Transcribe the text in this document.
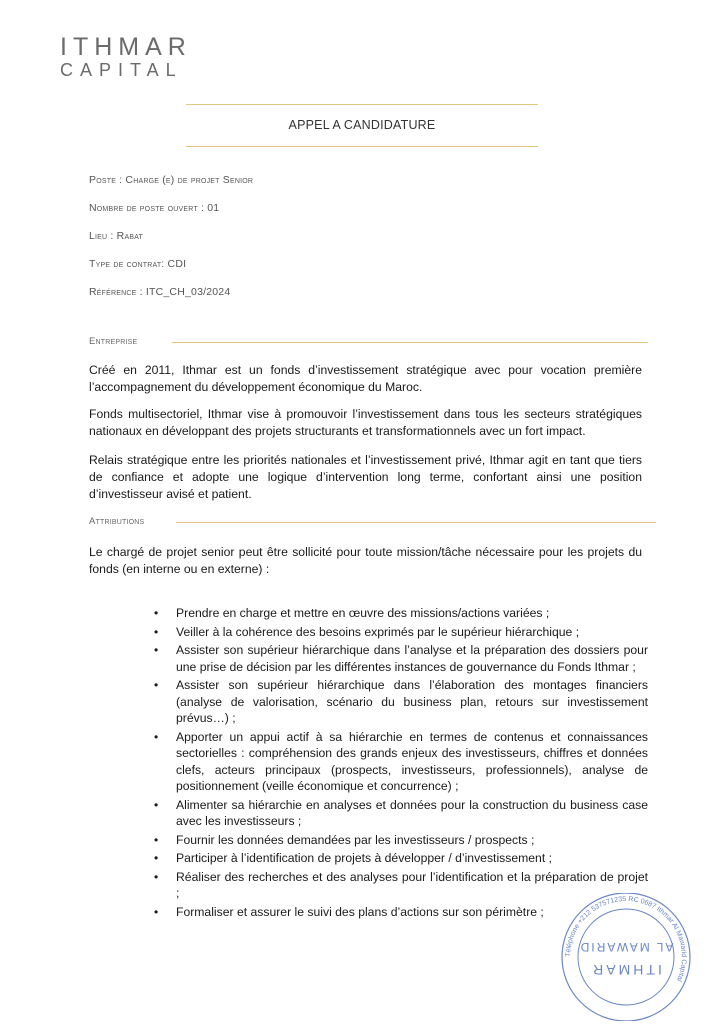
ITHMAR
CAPITAL
APPEL A CANDIDATURE
Poste : Charge (e) de projet Senior
Nombre de poste ouvert : 01
Lieu : Rabat
Type de contrat: CDI
Référence : ITC_CH_03/2024
Entreprise
Créé en 2011, Ithmar est un fonds d’investissement stratégique avec pour vocation première l’accompagnement du développement économique du Maroc.
Fonds multisectoriel, Ithmar vise à promouvoir l’investissement dans tous les secteurs stratégiques nationaux en développant des projets structurants et transformationnels avec un fort impact.
Relais stratégique entre les priorités nationales et l’investissement privé, Ithmar agit en tant que tiers de confiance et adopte une logique d’intervention long terme, confortant ainsi une position d’investisseur avisé et patient.
Attributions
Le chargé de projet senior peut être sollicité pour toute mission/tâche nécessaire pour les projets du fonds (en interne ou en externe) :
• Prendre en charge et mettre en œuvre des missions/actions variées ;
• Veiller à la cohérence des besoins exprimés par le supérieur hiérarchique ;
• Assister son supérieur hiérarchique dans l’analyse et la préparation des dossiers pour une prise de décision par les différentes instances de gouvernance du Fonds Ithmar ;
• Assister son supérieur hiérarchique dans l’élaboration des montages financiers (analyse de valorisation, scénario du business plan, retours sur investissement prévus…) ;
• Apporter un appui actif à sa hiérarchie en termes de contenus et connaissances sectorielles : compréhension des grands enjeux des investisseurs, chiffres et données clefs, acteurs principaux (prospects, investisseurs, professionnels), analyse de positionnement (veille économique et concurrence) ;
• Alimenter sa hiérarchie en analyses et données pour la construction du business case avec les investisseurs ;
• Fournir les données demandées par les investisseurs / prospects ;
• Participer à l’identification de projets à développer / d’investissement ;
• Réaliser des recherches et des analyses pour l’identification et la préparation de projet ;
• Formaliser et assurer le suivi des plans d’actions sur son périmètre ;
Téléphone +212 537571235 RC 0687 Ithmar Al Mawarid Capital
ITHMAR
AL MAWARID
